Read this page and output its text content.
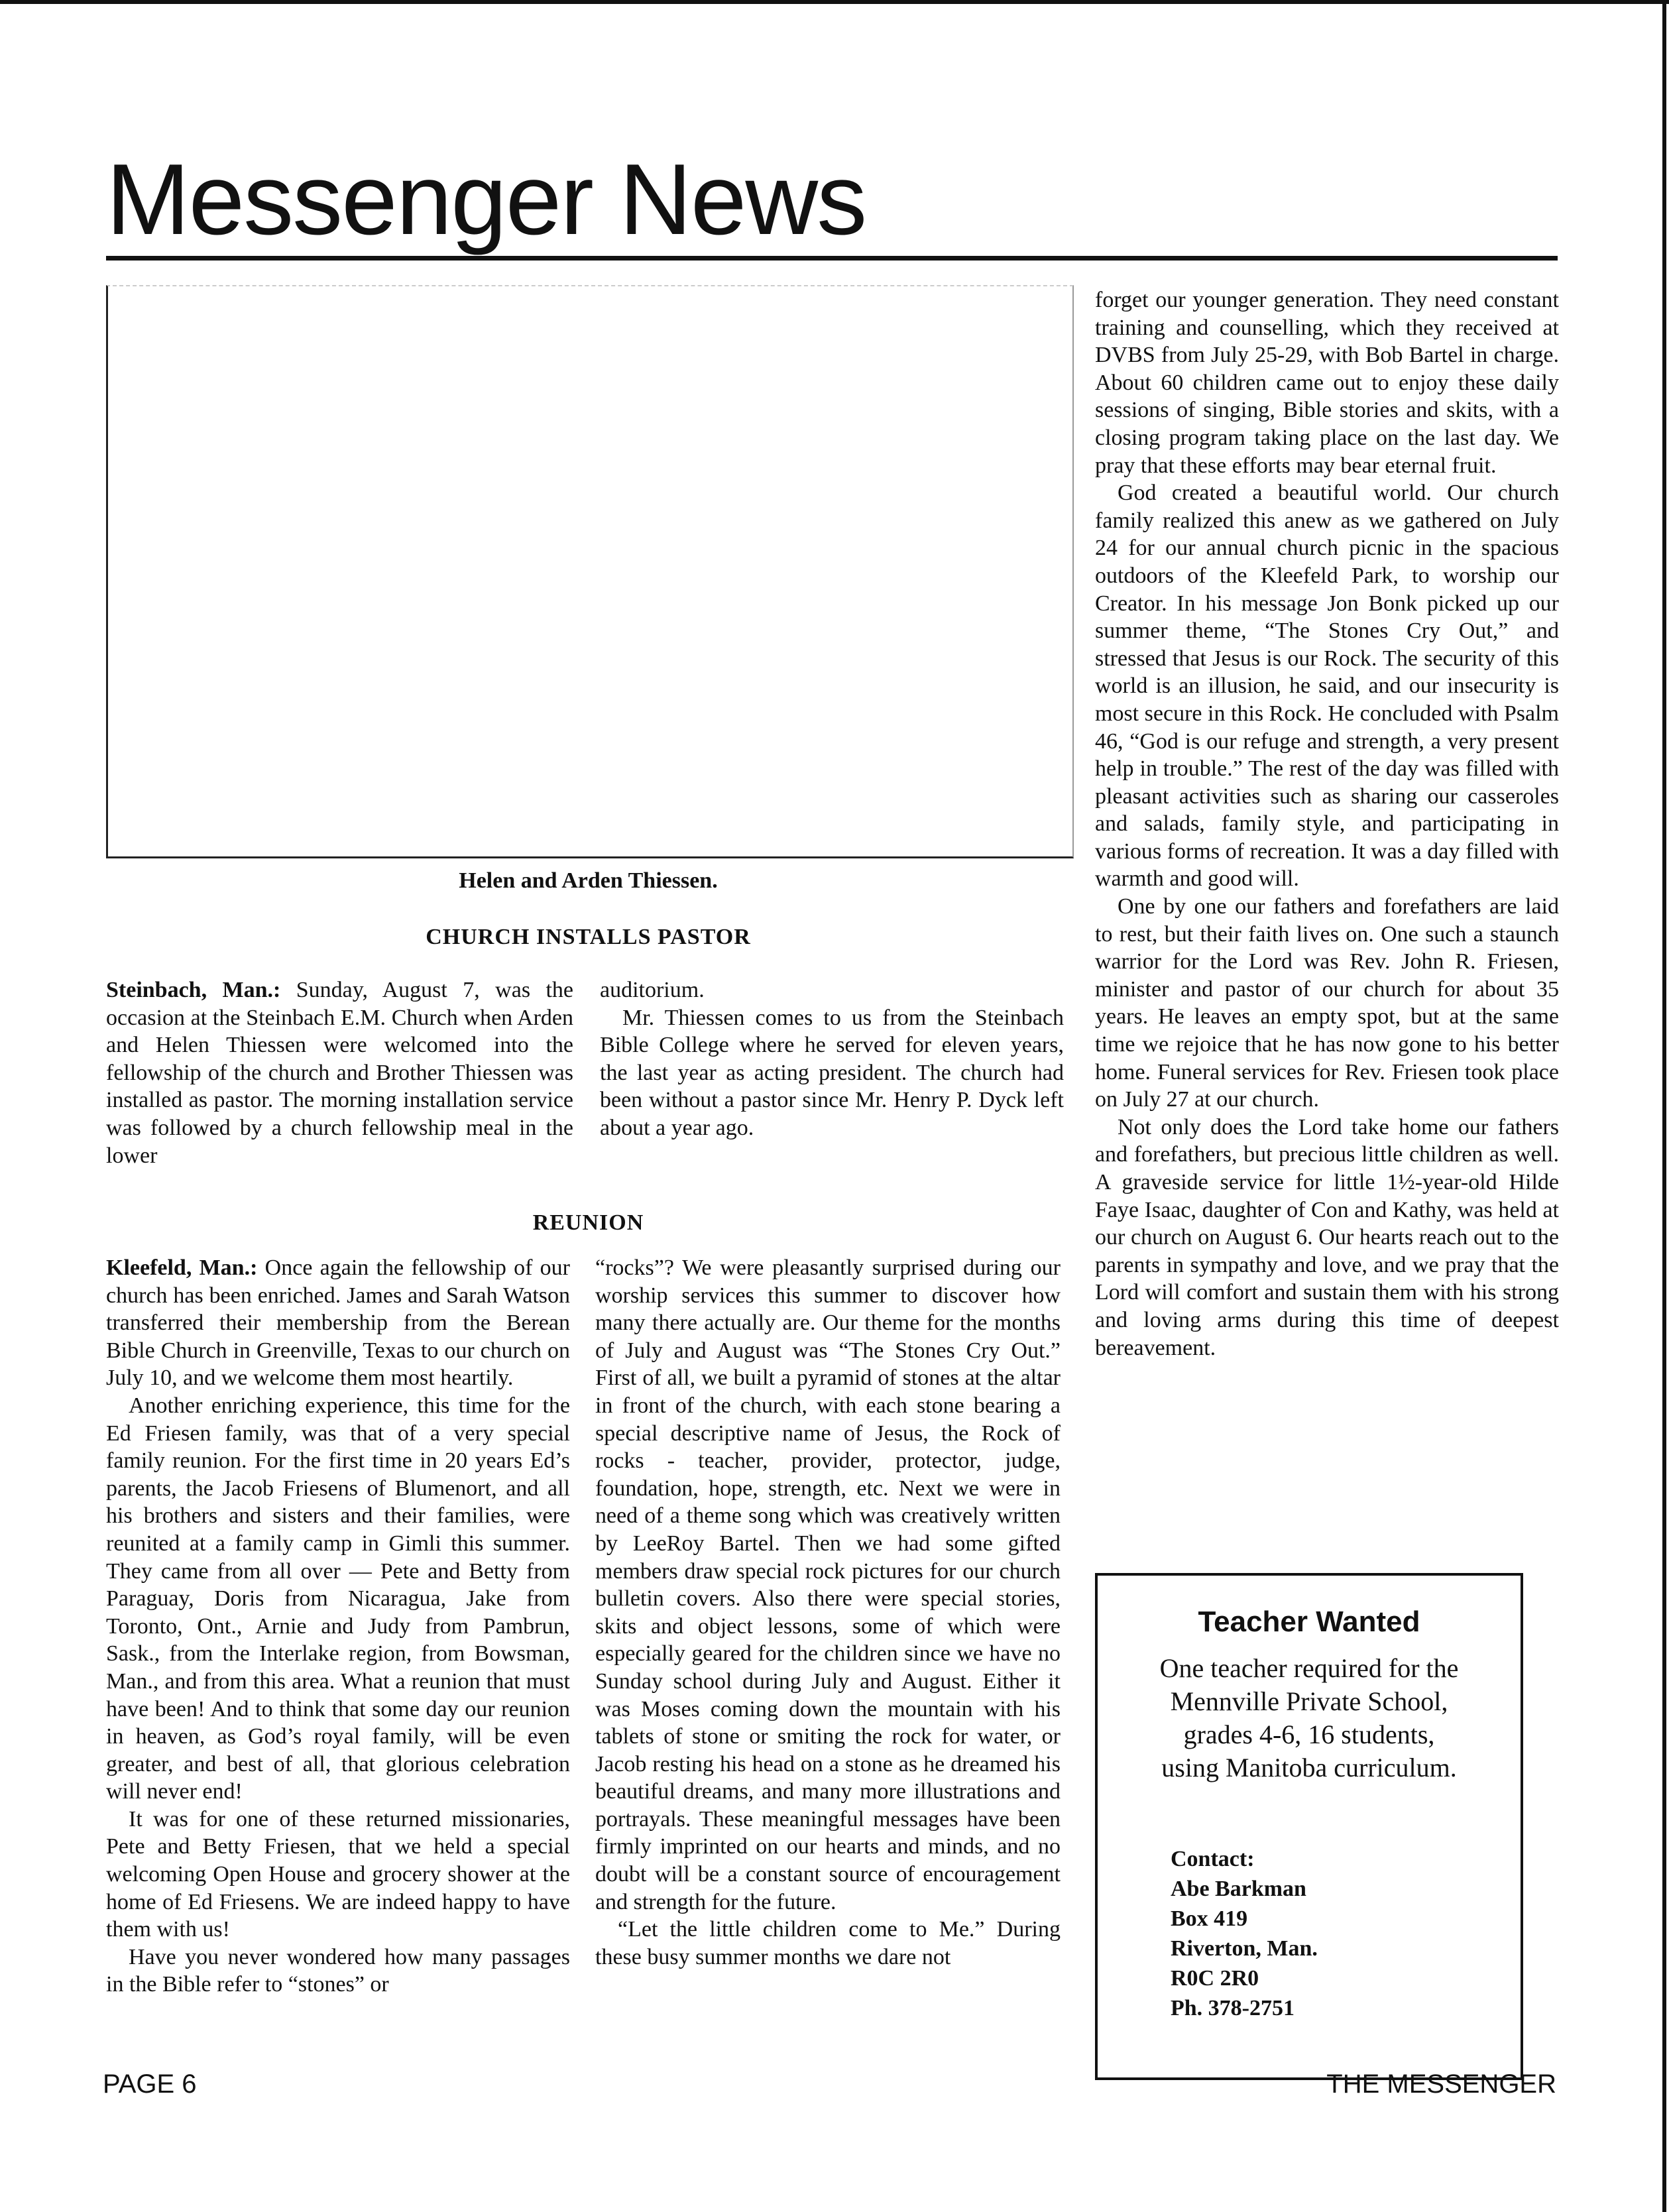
Messenger News

Helen and Arden Thiessen.

CHURCH INSTALLS PASTOR

Steinbach, Man.: Sunday, August 7, was the occasion at the Steinbach E.M. Church when Arden and Helen Thiessen were welcomed into the fellowship of the church and Brother Thiessen was installed as pastor. The morning installation service was followed by a church fellowship meal in the lower

auditorium.

Mr. Thiessen comes to us from the Steinbach Bible College where he served for eleven years, the last year as acting president. The church had been without a pastor since Mr. Henry P. Dyck left about a year ago.

REUNION

Kleefeld, Man.: Once again the fellowship of our church has been enriched. James and Sarah Watson transferred their membership from the Berean Bible Church in Greenville, Texas to our church on July 10, and we welcome them most heartily.

Another enriching experience, this time for the Ed Friesen family, was that of a very special family reunion. For the first time in 20 years Ed’s parents, the Jacob Friesens of Blumenort, and all his brothers and sisters and their families, were reunited at a family camp in Gimli this summer. They came from all over — Pete and Betty from Paraguay, Doris from Nicaragua, Jake from Toronto, Ont., Arnie and Judy from Pambrun, Sask., from the Interlake region, from Bowsman, Man., and from this area. What a reunion that must have been! And to think that some day our reunion in heaven, as God’s royal family, will be even greater, and best of all, that glorious celebration will never end!

It was for one of these returned missionaries, Pete and Betty Friesen, that we held a special welcoming Open House and grocery shower at the home of Ed Friesens. We are indeed happy to have them with us!

Have you never wondered how many passages in the Bible refer to “stones” or

“rocks”? We were pleasantly surprised during our worship services this summer to discover how many there actually are. Our theme for the months of July and August was “The Stones Cry Out.” First of all, we built a pyramid of stones at the altar in front of the church, with each stone bearing a special descriptive name of Jesus, the Rock of rocks - teacher, provider, protector, judge, foundation, hope, strength, etc. Next we were in need of a theme song which was creatively written by LeeRoy Bartel. Then we had some gifted members draw special rock pictures for our church bulletin covers. Also there were special stories, skits and object lessons, some of which were especially geared for the children since we have no Sunday school during July and August. Either it was Moses coming down the mountain with his tablets of stone or smiting the rock for water, or Jacob resting his head on a stone as he dreamed his beautiful dreams, and many more illustrations and portrayals. These meaningful messages have been firmly imprinted on our hearts and minds, and no doubt will be a constant source of encouragement and strength for the future.

“Let the little children come to Me.” During these busy summer months we dare not

forget our younger generation. They need constant training and counselling, which they received at DVBS from July 25-29, with Bob Bartel in charge. About 60 children came out to enjoy these daily sessions of singing, Bible stories and skits, with a closing program taking place on the last day. We pray that these efforts may bear eternal fruit.

God created a beautiful world. Our church family realized this anew as we gathered on July 24 for our annual church picnic in the spacious outdoors of the Kleefeld Park, to worship our Creator. In his message Jon Bonk picked up our summer theme, “The Stones Cry Out,” and stressed that Jesus is our Rock. The security of this world is an illusion, he said, and our insecurity is most secure in this Rock. He concluded with Psalm 46, “God is our refuge and strength, a very present help in trouble.” The rest of the day was filled with pleasant activities such as sharing our casseroles and salads, family style, and participating in various forms of recreation. It was a day filled with warmth and good will.

One by one our fathers and forefathers are laid to rest, but their faith lives on. One such a staunch warrior for the Lord was Rev. John R. Friesen, minister and pastor of our church for about 35 years. He leaves an empty spot, but at the same time we rejoice that he has now gone to his better home. Funeral services for Rev. Friesen took place on July 27 at our church.

Not only does the Lord take home our fathers and forefathers, but precious little children as well. A graveside service for little 1½-year-old Hilde Faye Isaac, daughter of Con and Kathy, was held at our church on August 6. Our hearts reach out to the parents in sympathy and love, and we pray that the Lord will comfort and sustain them with his strong and loving arms during this time of deepest bereavement.

Teacher Wanted
One teacher required for the
Mennville Private School,
grades 4-6, 16 students,
using Manitoba curriculum.
Contact:
Abe Barkman
Box 419
Riverton, Man.
R0C 2R0
Ph. 378-2751

PAGE 6	THE MESSENGER
